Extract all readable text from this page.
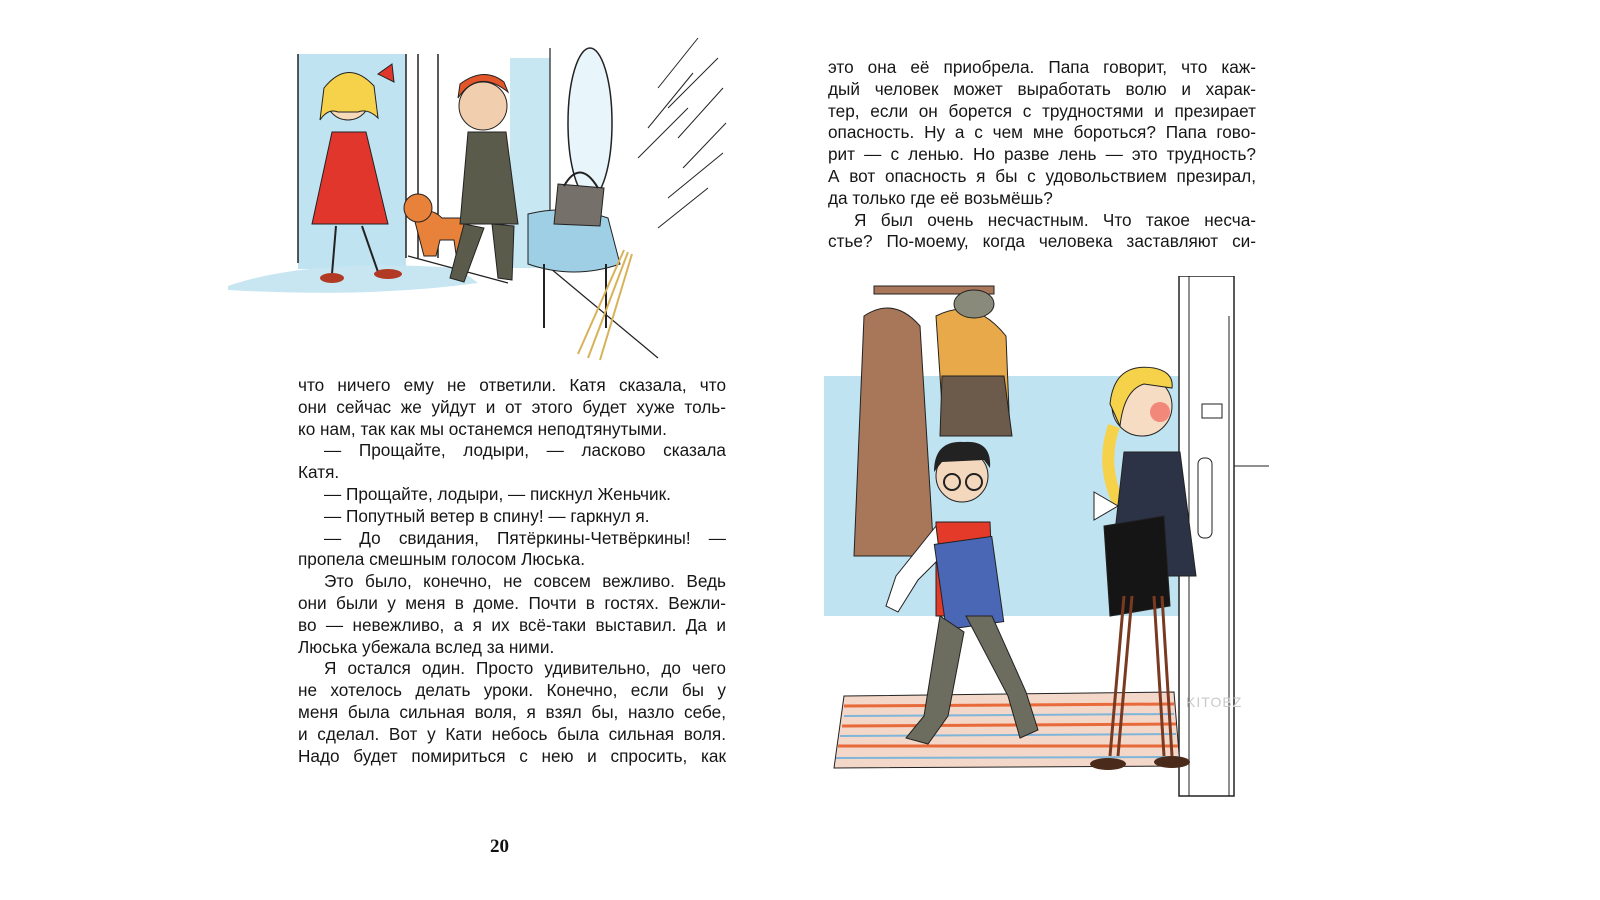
что ничего ему не ответили. Катя сказала, что
они сейчас же уйдут и от этого будет хуже толь-
ко нам, так как мы останемся неподтянутыми.
— Прощайте, лодыри, — ласково сказала
Катя.
— Прощайте, лодыри, — пискнул Женьчик.
— Попутный ветер в спину! — гаркнул я.
— До свидания, Пятёркины-Четвёркины! —
пропела смешным голосом Люська.
Это было, конечно, не совсем вежливо. Ведь
они были у меня в доме. Почти в гостях. Вежли-
во — невежливо, а я их всё-таки выставил. Да и
Люська убежала вслед за ними.
Я остался один. Просто удивительно, до чего
не хотелось делать уроки. Конечно, если бы у
меня была сильная воля, я взял бы, назло себе,
и сделал. Вот у Кати небось была сильная воля.
Надо будет помириться с нею и спросить, как
20
это она её приобрела. Папа говорит, что каж-
дый человек может выработать волю и харак-
тер, если он борется с трудностями и презирает
опасность. Ну а с чем мне бороться? Папа гово-
рит — с ленью. Но разве лень — это трудность?
А вот опасность я бы с удовольствием презирал,
да только где её возьмёшь?
Я был очень несчастным. Что такое несча-
стье? По-моему, когда человека заставляют си-
KITOBZ
